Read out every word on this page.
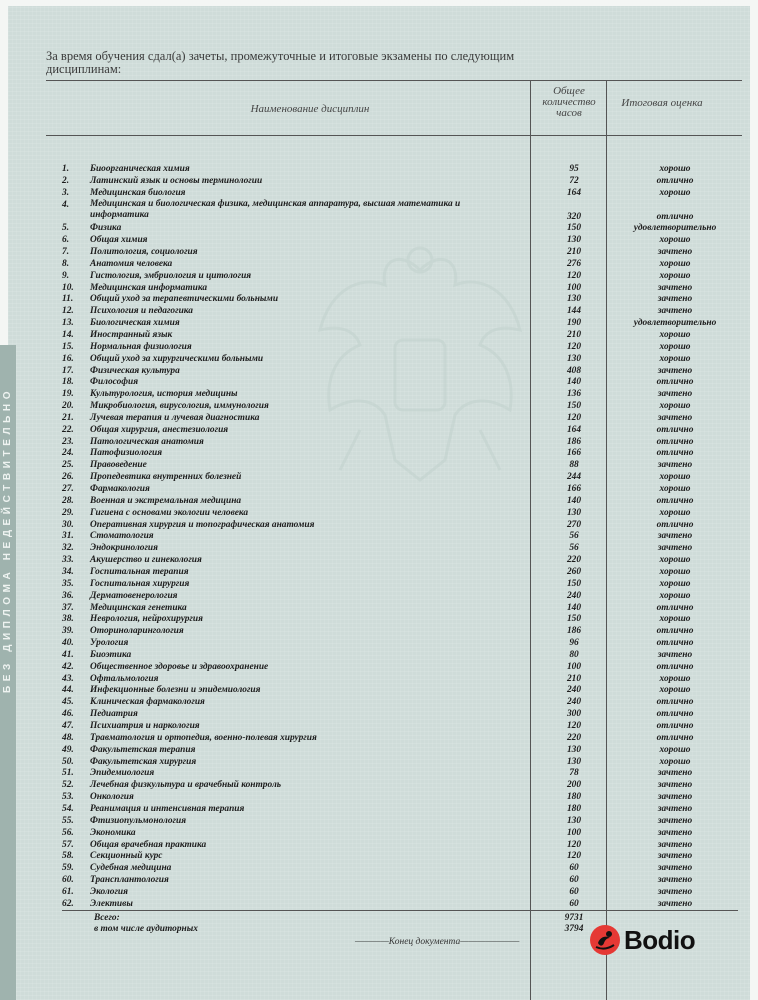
БЕЗ ДИПЛОМА НЕДЕЙСТВИТЕЛЬНО
За время обучения сдал(а) зачеты, промежуточные и итоговые экзамены по следующим дисциплинам:
Наименование дисциплин
Общее количество часов
Итоговая оценка
1.	Биоорганическая химия	95	хорошо
2.	Латинский язык и основы терминологии	72	отлично
3.	Медицинская биология	164	хорошо
4.	Медицинская и биологическая физика, медицинская аппаратура, высшая математика и информатика	320	отлично
5.	Физика	150	удовлетворительно
6.	Общая химия	130	хорошо
7.	Политология, социология	210	зачтено
8.	Анатомия человека	276	хорошо
9.	Гистология, эмбриология и цитология	120	хорошо
10.	Медицинская информатика	100	зачтено
11.	Общий уход за терапевтическими больными	130	зачтено
12.	Психология и педагогика	144	зачтено
13.	Биологическая химия	190	удовлетворительно
14.	Иностранный язык	210	хорошо
15.	Нормальная физиология	120	хорошо
16.	Общий уход за хирургическими больными	130	хорошо
17.	Физическая культура	408	зачтено
18.	Философия	140	отлично
19.	Культурология, история медицины	136	зачтено
20.	Микробиология, вирусология, иммунология	150	хорошо
21.	Лучевая терапия и лучевая диагностика	120	зачтено
22.	Общая хирургия, анестезиология	164	отлично
23.	Патологическая анатомия	186	отлично
24.	Патофизиология	166	отлично
25.	Правоведение	88	зачтено
26.	Пропедевтика внутренних болезней	244	хорошо
27.	Фармакология	166	хорошо
28.	Военная и экстремальная медицина	140	отлично
29.	Гигиена с основами экологии человека	130	хорошо
30.	Оперативная хирургия и топографическая анатомия	270	отлично
31.	Стоматология	56	зачтено
32.	Эндокринология	56	зачтено
33.	Акушерство и гинекология	220	хорошо
34.	Госпитальная терапия	260	хорошо
35.	Госпитальная хирургия	150	хорошо
36.	Дерматовенерология	240	хорошо
37.	Медицинская генетика	140	отлично
38.	Неврология, нейрохирургия	150	хорошо
39.	Оториноларингология	186	отлично
40.	Урология	96	отлично
41.	Биоэтика	80	зачтено
42.	Общественное здоровье и здравоохранение	100	отлично
43.	Офтальмология	210	хорошо
44.	Инфекционные болезни и эпидемиология	240	хорошо
45.	Клиническая фармакология	240	отлично
46.	Педиатрия	300	отлично
47.	Психиатрия и наркология	120	отлично
48.	Травматология и ортопедия, военно-полевая хирургия	220	отлично
49.	Факультетская терапия	130	хорошо
50.	Факультетская хирургия	130	хорошо
51.	Эпидемиология	78	зачтено
52.	Лечебная физкультура и врачебный контроль	200	зачтено
53.	Онкология	180	зачтено
54.	Реанимация и интенсивная терапия	180	зачтено
55.	Фтизиопульмонология	130	зачтено
56.	Экономика	100	зачтено
57.	Общая врачебная практика	120	зачтено
58.	Секционный курс	120	зачтено
59.	Судебная медицина	60	зачтено
60.	Трансплантология	60	зачтено
61.	Экология	60	зачтено
62.	Элективы	60	зачтено
Всего:	9731
в том числе аудиторных	3794
————Конец документа———————	Bodio
